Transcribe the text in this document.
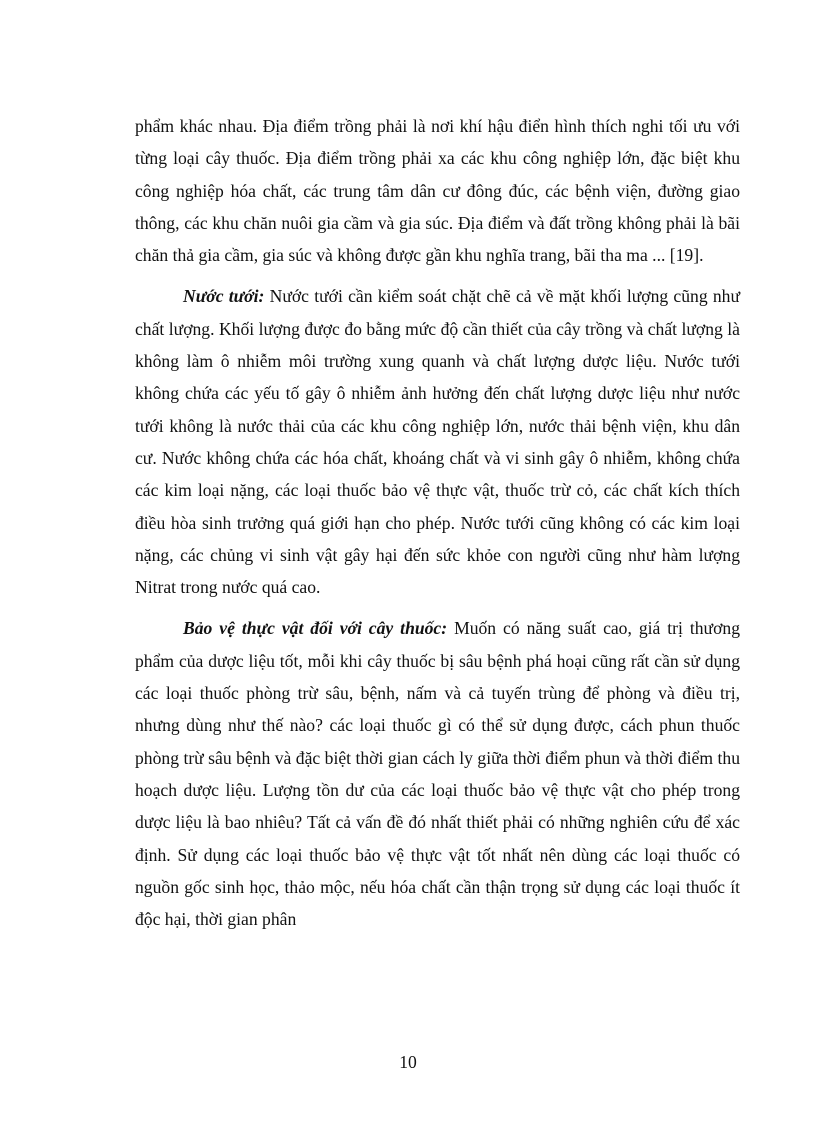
phẩm khác nhau. Địa điểm trồng phải là nơi khí hậu điển hình thích nghi tối ưu với từng loại cây thuốc. Địa điểm trồng phải xa các khu công nghiệp lớn, đặc biệt khu công nghiệp hóa chất, các trung tâm dân cư đông đúc, các bệnh viện, đường giao thông, các khu chăn nuôi gia cầm và gia súc. Địa điểm và đất trồng không phải là bãi chăn thả gia cầm, gia súc và không được gần khu nghĩa trang, bãi tha ma ... [19].

Nước tưới: Nước tưới cần kiểm soát chặt chẽ cả về mặt khối lượng cũng như chất lượng. Khối lượng được đo bằng mức độ cần thiết của cây trồng và chất lượng là không làm ô nhiễm môi trường xung quanh và chất lượng dược liệu. Nước tưới không chứa các yếu tố gây ô nhiễm ảnh hưởng đến chất lượng dược liệu như nước tưới không là nước thải của các khu công nghiệp lớn, nước thải bệnh viện, khu dân cư. Nước không chứa các hóa chất, khoáng chất và vi sinh gây ô nhiễm, không chứa các kim loại nặng, các loại thuốc bảo vệ thực vật, thuốc trừ cỏ, các chất kích thích điều hòa sinh trưởng quá giới hạn cho phép. Nước tưới cũng không có các kim loại nặng, các chủng vi sinh vật gây hại đến sức khỏe con người cũng như hàm lượng Nitrat trong nước quá cao.

Bảo vệ thực vật đối với cây thuốc: Muốn có năng suất cao, giá trị thương phẩm của dược liệu tốt, mỗi khi cây thuốc bị sâu bệnh phá hoại cũng rất cần sử dụng các loại thuốc phòng trừ sâu, bệnh, nấm và cả tuyến trùng để phòng và điều trị, nhưng dùng như thế nào? các loại thuốc gì có thể sử dụng được, cách phun thuốc phòng trừ sâu bệnh và đặc biệt thời gian cách ly giữa thời điểm phun và thời điểm thu hoạch dược liệu. Lượng tồn dư của các loại thuốc bảo vệ thực vật cho phép trong dược liệu là bao nhiêu? Tất cả vấn đề đó nhất thiết phải có những nghiên cứu để xác định. Sử dụng các loại thuốc bảo vệ thực vật tốt nhất nên dùng các loại thuốc có nguồn gốc sinh học, thảo mộc, nếu hóa chất cần thận trọng sử dụng các loại thuốc ít độc hại, thời gian phân

10
